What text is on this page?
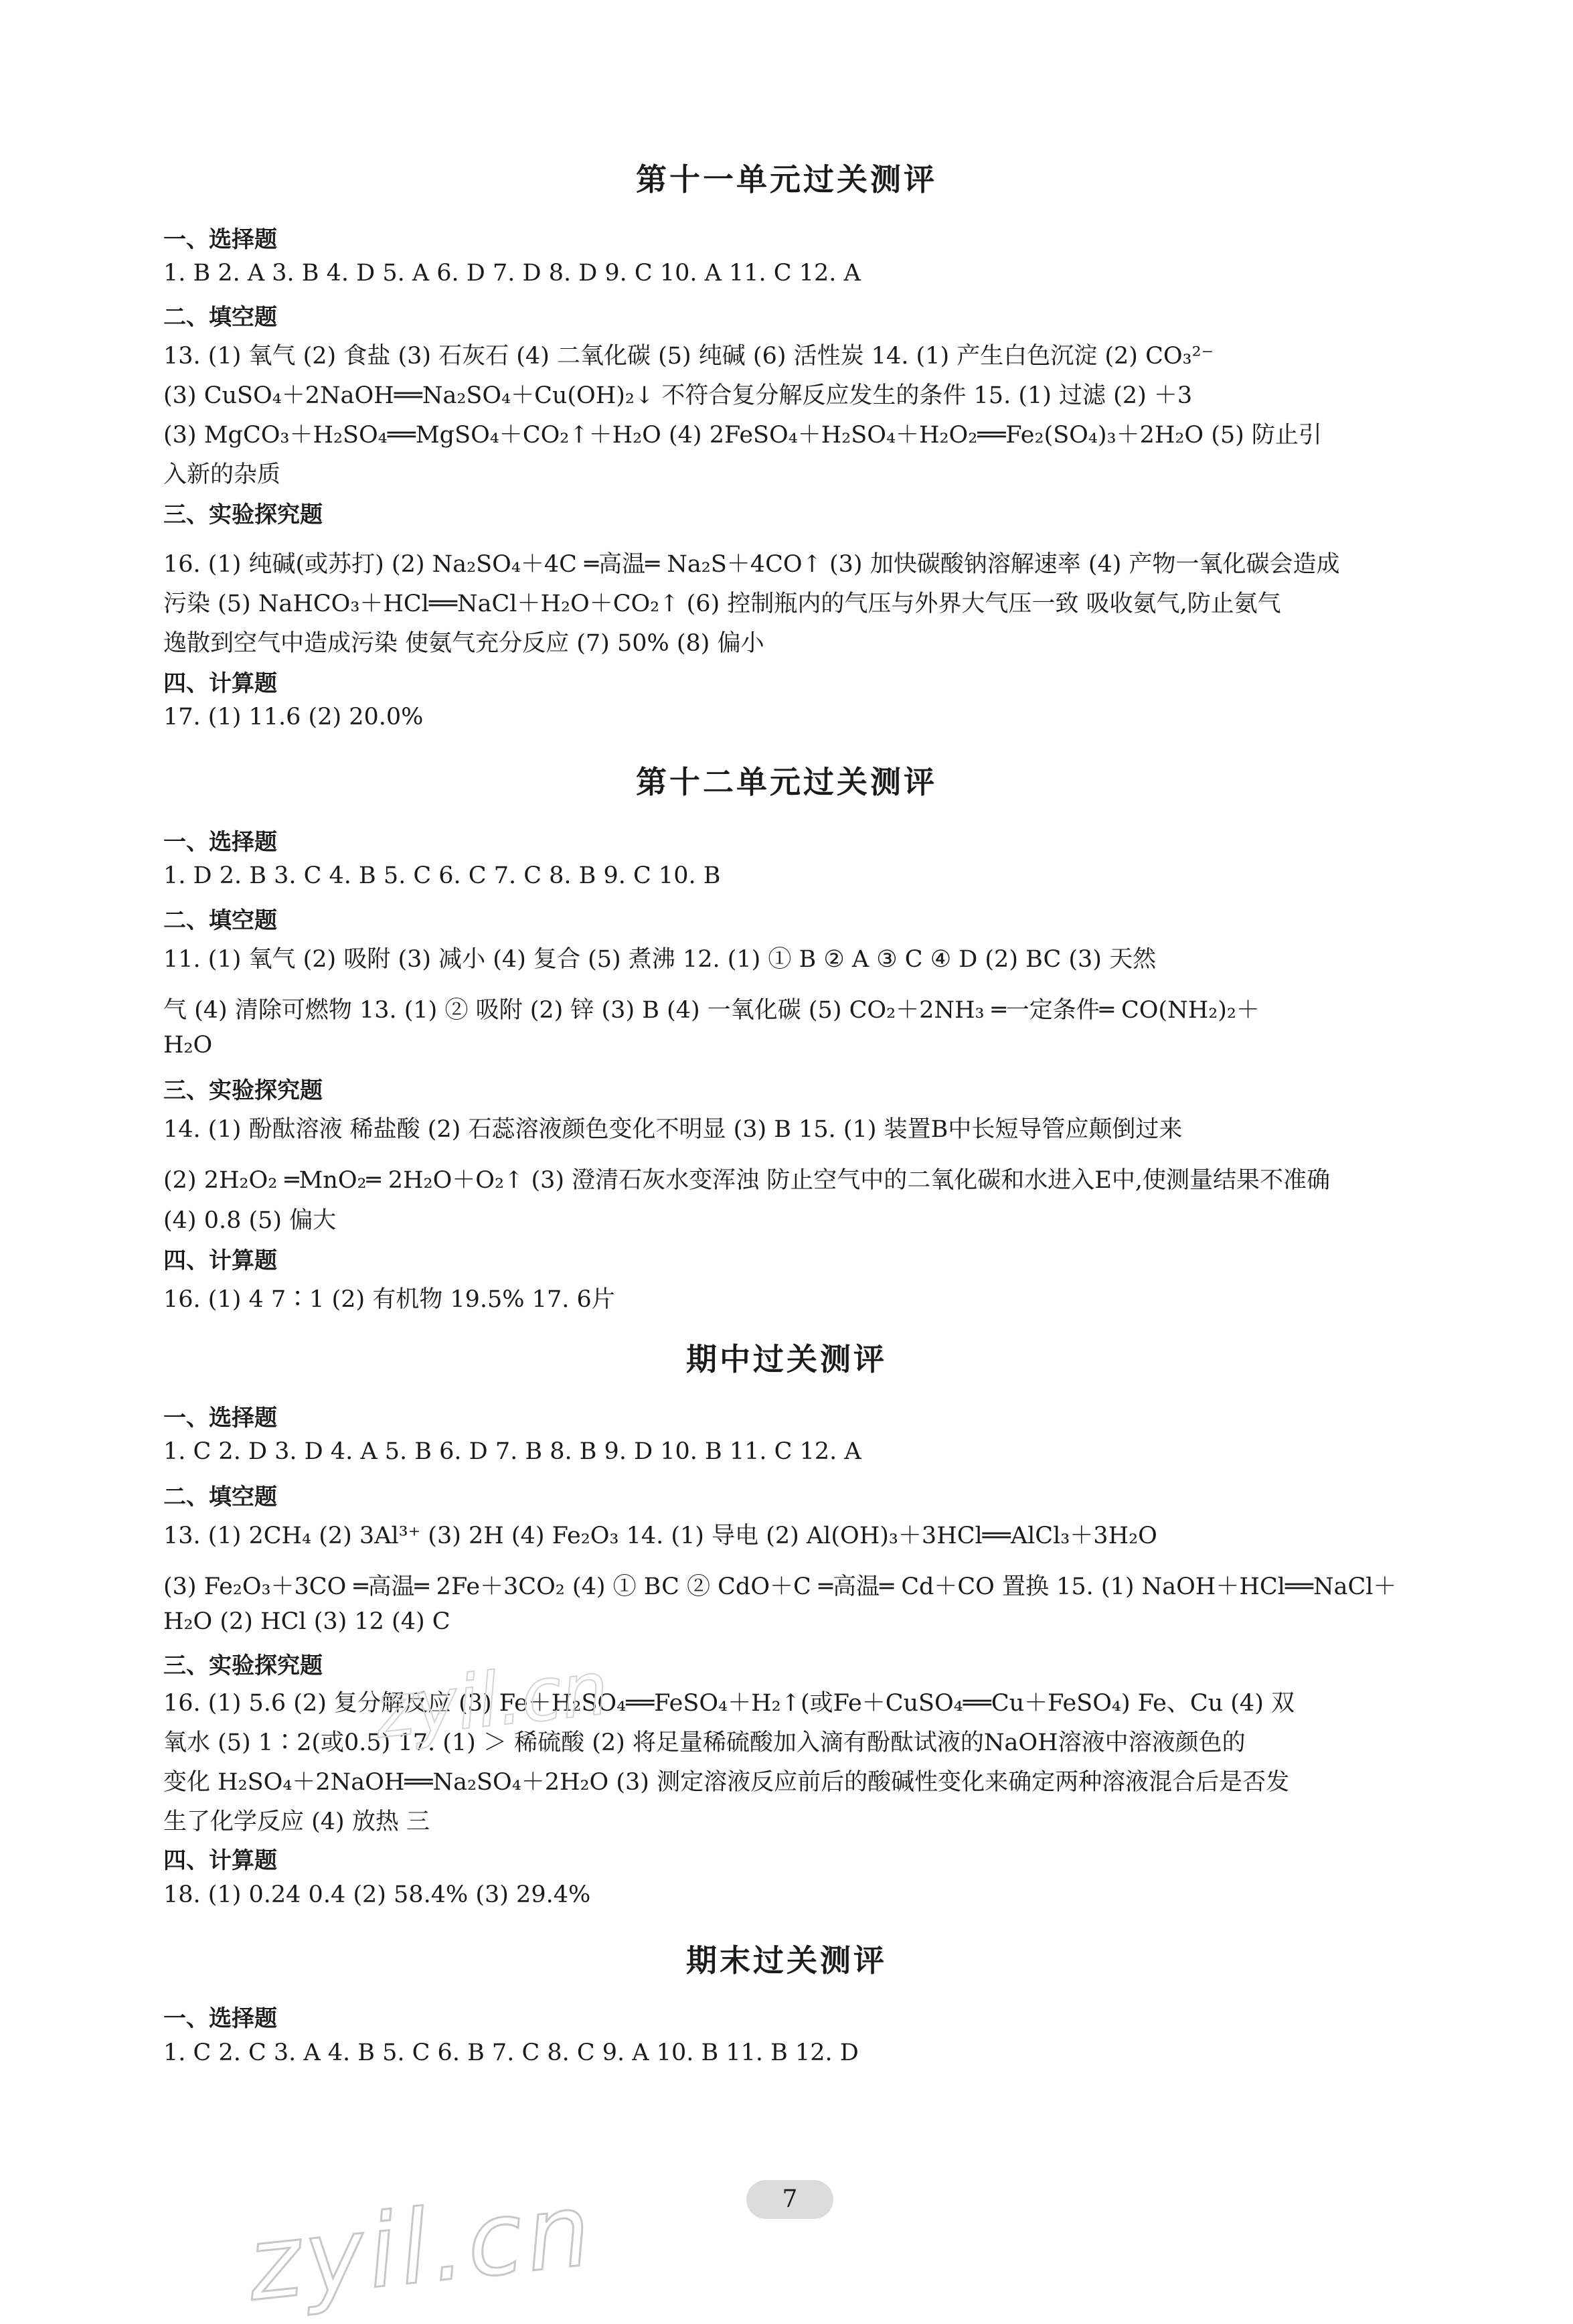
第十一单元过关测评
一、选择题
1. B 2. A 3. B 4. D 5. A 6. D 7. D 8. D 9. C 10. A 11. C 12. A
二、填空题
13. (1) 氧气 (2) 食盐 (3) 石灰石 (4) 二氧化碳 (5) 纯碱 (6) 活性炭 14. (1) 产生白色沉淀 (2) CO₃²⁻
(3) CuSO₄＋2NaOH══Na₂SO₄＋Cu(OH)₂↓ 不符合复分解反应发生的条件 15. (1) 过滤 (2) ＋3
(3) MgCO₃＋H₂SO₄══MgSO₄＋CO₂↑＋H₂O (4) 2FeSO₄＋H₂SO₄＋H₂O₂══Fe₂(SO₄)₃＋2H₂O (5) 防止引
入新的杂质
三、实验探究题
16. (1) 纯碱(或苏打) (2) Na₂SO₄＋4C ═高温═ Na₂S＋4CO↑ (3) 加快碳酸钠溶解速率 (4) 产物一氧化碳会造成
污染 (5) NaHCO₃＋HCl══NaCl＋H₂O＋CO₂↑ (6) 控制瓶内的气压与外界大气压一致 吸收氨气,防止氨气
逸散到空气中造成污染 使氨气充分反应 (7) 50% (8) 偏小
四、计算题
17. (1) 11.6 (2) 20.0%
第十二单元过关测评
一、选择题
1. D 2. B 3. C 4. B 5. C 6. C 7. C 8. B 9. C 10. B
二、填空题
11. (1) 氧气 (2) 吸附 (3) 减小 (4) 复合 (5) 煮沸 12. (1) ① B ② A ③ C ④ D (2) BC (3) 天然
气 (4) 清除可燃物 13. (1) ② 吸附 (2) 锌 (3) B (4) 一氧化碳 (5) CO₂＋2NH₃ ═一定条件═ CO(NH₂)₂＋
H₂O
三、实验探究题
14. (1) 酚酞溶液 稀盐酸 (2) 石蕊溶液颜色变化不明显 (3) B 15. (1) 装置B中长短导管应颠倒过来
(2) 2H₂O₂ ═MnO₂═ 2H₂O＋O₂↑ (3) 澄清石灰水变浑浊 防止空气中的二氧化碳和水进入E中,使测量结果不准确
(4) 0.8 (5) 偏大
四、计算题
16. (1) 4 7∶1 (2) 有机物 19.5% 17. 6片
期中过关测评
一、选择题
1. C 2. D 3. D 4. A 5. B 6. D 7. B 8. B 9. D 10. B 11. C 12. A
二、填空题
13. (1) 2CH₄ (2) 3Al³⁺ (3) 2H (4) Fe₂O₃ 14. (1) 导电 (2) Al(OH)₃＋3HCl══AlCl₃＋3H₂O
(3) Fe₂O₃＋3CO ═高温═ 2Fe＋3CO₂ (4) ① BC ② CdO＋C ═高温═ Cd＋CO 置换 15. (1) NaOH＋HCl══NaCl＋
H₂O (2) HCl (3) 12 (4) C
三、实验探究题
16. (1) 5.6 (2) 复分解反应 (3) Fe＋H₂SO₄══FeSO₄＋H₂↑(或Fe＋CuSO₄══Cu＋FeSO₄) Fe、Cu (4) 双
氧水 (5) 1∶2(或0.5) 17. (1) ＞ 稀硫酸 (2) 将足量稀硫酸加入滴有酚酞试液的NaOH溶液中溶液颜色的
变化 H₂SO₄＋2NaOH══Na₂SO₄＋2H₂O (3) 测定溶液反应前后的酸碱性变化来确定两种溶液混合后是否发
生了化学反应 (4) 放热 三
四、计算题
18. (1) 0.24 0.4 (2) 58.4% (3) 29.4%
期末过关测评
一、选择题
1. C 2. C 3. A 4. B 5. C 6. B 7. C 8. C 9. A 10. B 11. B 12. D
zyil.cn
zyil.cn	7
